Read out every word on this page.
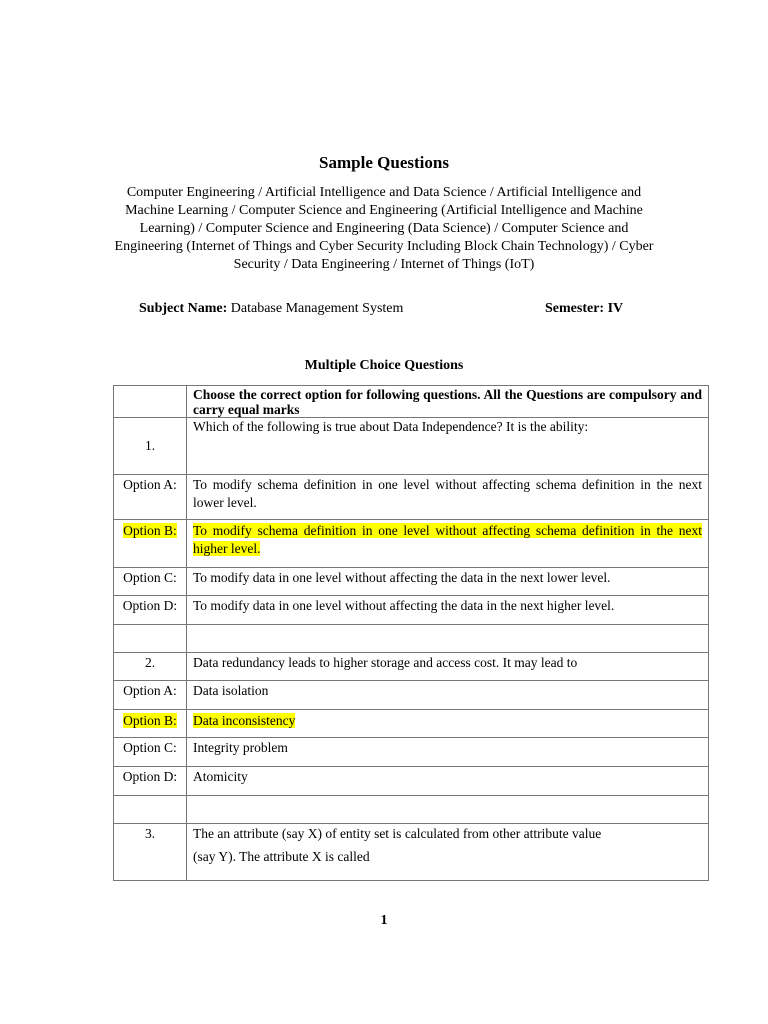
Sample Questions
Computer Engineering / Artificial Intelligence and Data Science / Artificial Intelligence and Machine Learning / Computer Science and Engineering (Artificial Intelligence and Machine Learning) / Computer Science and Engineering (Data Science) / Computer Science and Engineering (Internet of Things and Cyber Security Including Block Chain Technology) / Cyber Security / Data Engineering / Internet of Things (IoT)
Subject Name: Database Management System	Semester: IV
Multiple Choice Questions
	Choose the correct option for following questions. All the Questions are compulsory and carry equal marks
1.	Which of the following is true about Data Independence? It is the ability:
Option A:	To modify schema definition in one level without affecting schema definition in the next lower level.
Option B:	To modify schema definition in one level without affecting schema definition in the next higher level.
Option C:	To modify data in one level without affecting the data in the next lower level.
Option D:	To modify data in one level without affecting the data in the next higher level.

2.	Data redundancy leads to higher storage and access cost. It may lead to
Option A:	Data isolation
Option B:	Data inconsistency
Option C:	Integrity problem
Option D:	Atomicity

3.	The an attribute (say X) of entity set is calculated from other attribute value
(say Y). The attribute X is called
1
